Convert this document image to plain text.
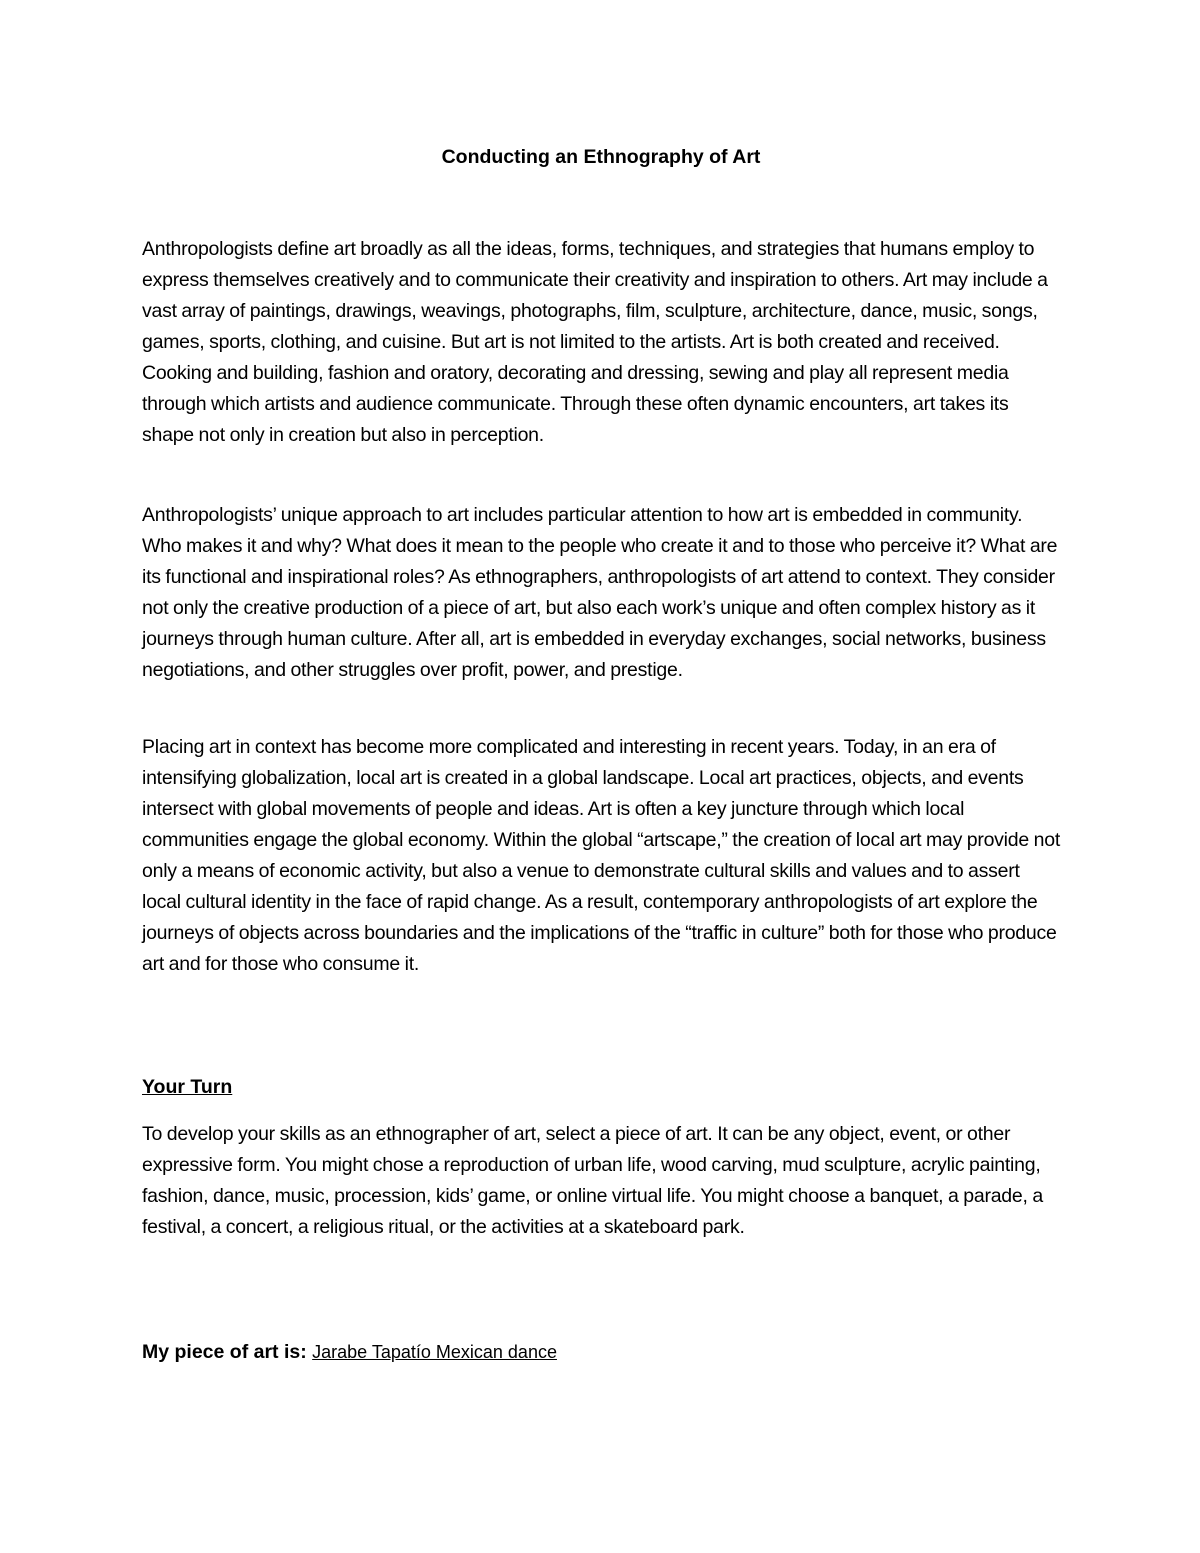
Conducting an Ethnography of Art

Anthropologists define art broadly as all the ideas, forms, techniques, and strategies that humans employ to express themselves creatively and to communicate their creativity and inspiration to others. Art may include a vast array of paintings, drawings, weavings, photographs, film, sculpture, architecture, dance, music, songs, games, sports, clothing, and cuisine. But art is not limited to the artists. Art is both created and received. Cooking and building, fashion and oratory, decorating and dressing, sewing and play all represent media through which artists and audience communicate. Through these often dynamic encounters, art takes its shape not only in creation but also in perception.

Anthropologists’ unique approach to art includes particular attention to how art is embedded in community. Who makes it and why? What does it mean to the people who create it and to those who perceive it? What are its functional and inspirational roles? As ethnographers, anthropologists of art attend to context. They consider not only the creative production of a piece of art, but also each work’s unique and often complex history as it journeys through human culture. After all, art is embedded in everyday exchanges, social networks, business negotiations, and other struggles over profit, power, and prestige.

Placing art in context has become more complicated and interesting in recent years. Today, in an era of intensifying globalization, local art is created in a global landscape. Local art practices, objects, and events intersect with global movements of people and ideas. Art is often a key juncture through which local communities engage the global economy. Within the global “artscape,” the creation of local art may provide not only a means of economic activity, but also a venue to demonstrate cultural skills and values and to assert local cultural identity in the face of rapid change. As a result, contemporary anthropologists of art explore the journeys of objects across boundaries and the implications of the “traffic in culture” both for those who produce art and for those who consume it.

Your Turn

To develop your skills as an ethnographer of art, select a piece of art. It can be any object, event, or other expressive form. You might chose a reproduction of urban life, wood carving, mud sculpture, acrylic painting, fashion, dance, music, procession, kids’ game, or online virtual life. You might choose a banquet, a parade, a festival, a concert, a religious ritual, or the activities at a skateboard park.

My piece of art is: Jarabe Tapatío Mexican dance
